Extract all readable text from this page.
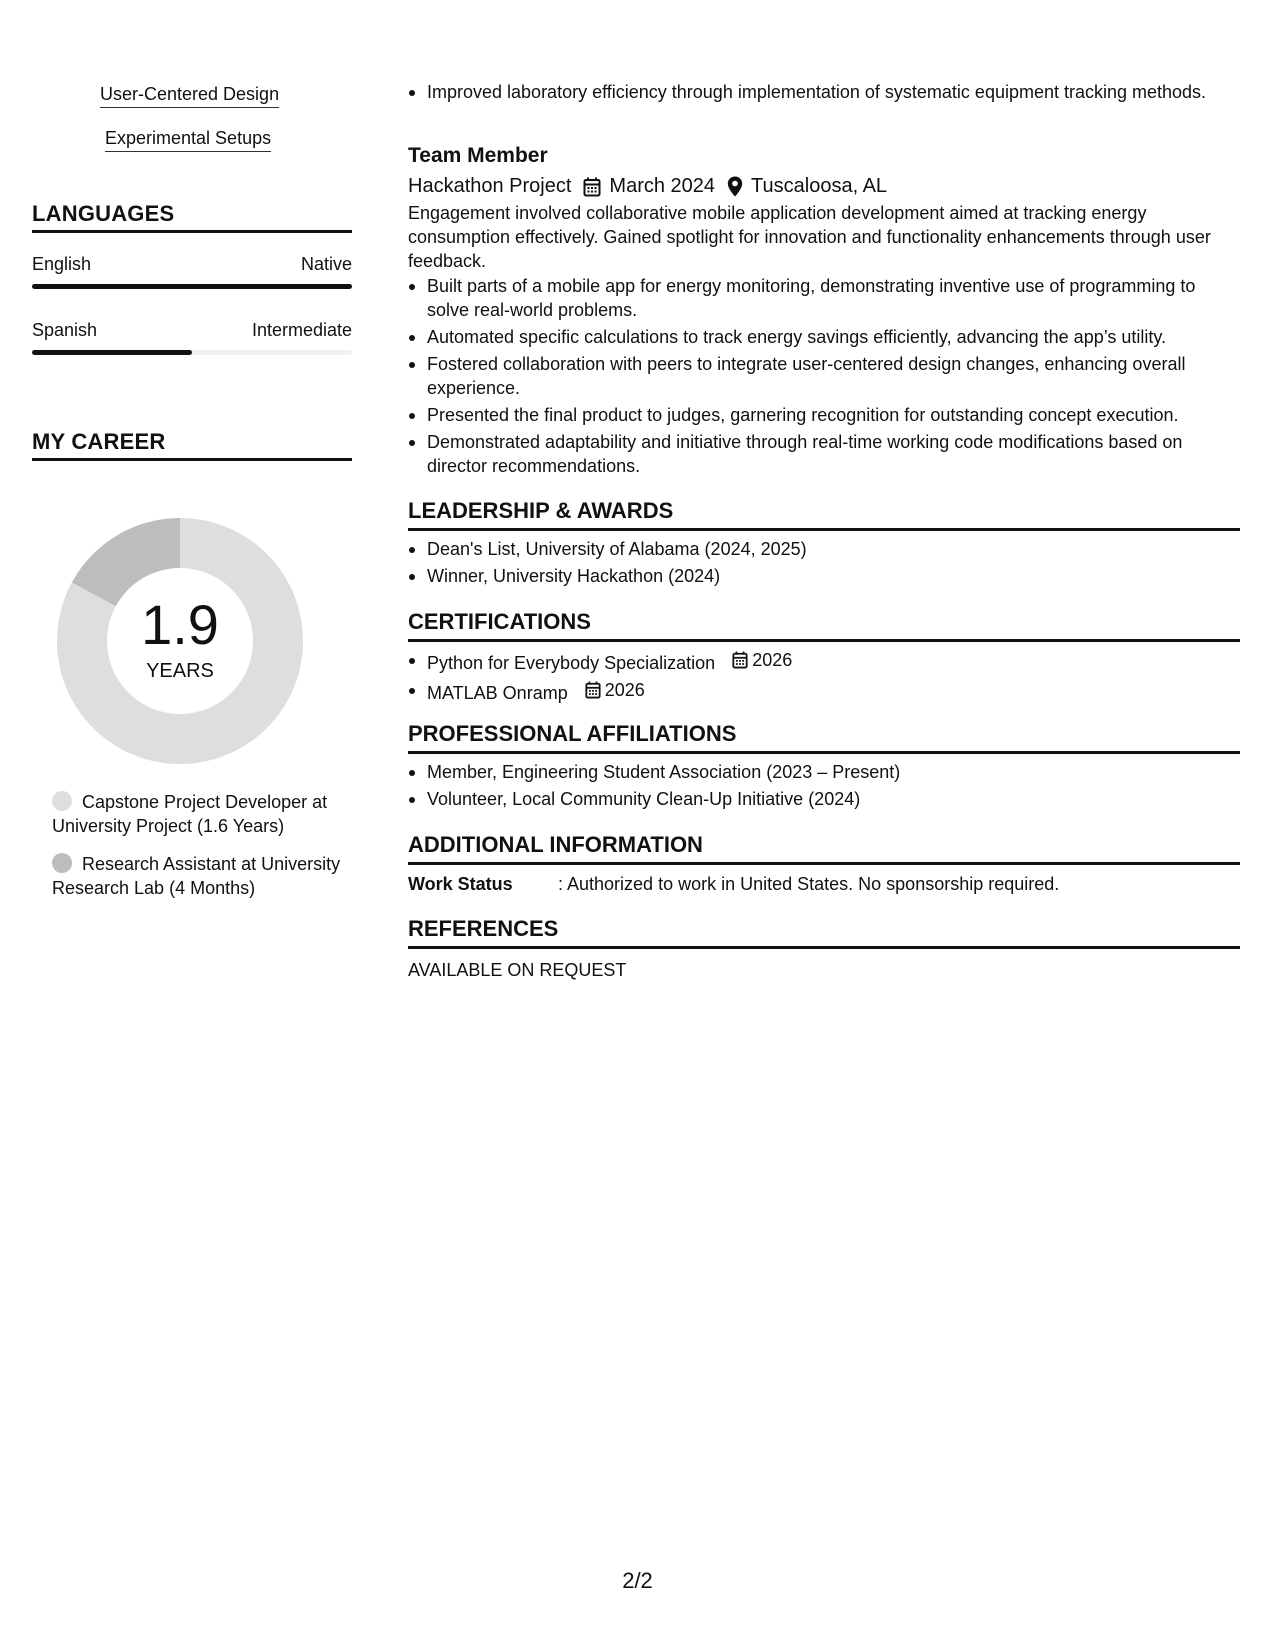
User-Centered Design
Experimental Setups
LANGUAGES
English	Native
Spanish	Intermediate
MY CAREER
1.9
YEARS
Capstone Project Developer at University Project (1.6 Years)
Research Assistant at University Research Lab (4 Months)
Improved laboratory efficiency through implementation of systematic equipment tracking methods.
Team Member
Hackathon Project March 2024 Tuscaloosa, AL
Engagement involved collaborative mobile application development aimed at tracking energy consumption effectively. Gained spotlight for innovation and functionality enhancements through user feedback.
Built parts of a mobile app for energy monitoring, demonstrating inventive use of programming to solve real-world problems.
Automated specific calculations to track energy savings efficiently, advancing the app’s utility.
Fostered collaboration with peers to integrate user-centered design changes, enhancing overall experience.
Presented the final product to judges, garnering recognition for outstanding concept execution.
Demonstrated adaptability and initiative through real-time working code modifications based on director recommendations.
LEADERSHIP & AWARDS
Dean's List, University of Alabama (2024, 2025)
Winner, University Hackathon (2024)
CERTIFICATIONS
Python for Everybody Specialization 2026
MATLAB Onramp 2026
PROFESSIONAL AFFILIATIONS
Member, Engineering Student Association (2023 – Present)
Volunteer, Local Community Clean-Up Initiative (2024)
ADDITIONAL INFORMATION
Work Status	: Authorized to work in United States. No sponsorship required.
REFERENCES
AVAILABLE ON REQUEST
2/2
